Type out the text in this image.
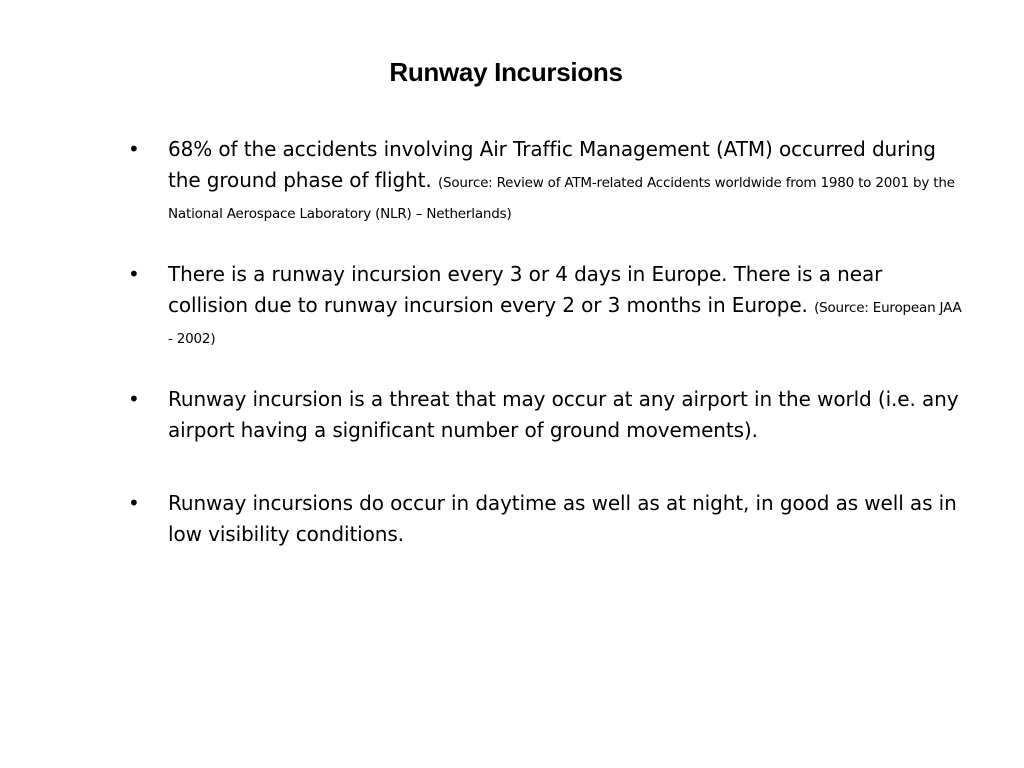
Runway Incursions
• 68% of the accidents involving Air Traffic Management (ATM) occurred during the ground phase of flight. (Source: Review of ATM-related Accidents worldwide from 1980 to 2001 by the National Aerospace Laboratory (NLR) – Netherlands)
• There is a runway incursion every 3 or 4 days in Europe. There is a near collision due to runway incursion every 2 or 3 months in Europe. (Source: European JAA - 2002)
• Runway incursion is a threat that may occur at any airport in the world (i.e. any airport having a significant number of ground movements).
• Runway incursions do occur in daytime as well as at night, in good as well as in low visibility conditions.
